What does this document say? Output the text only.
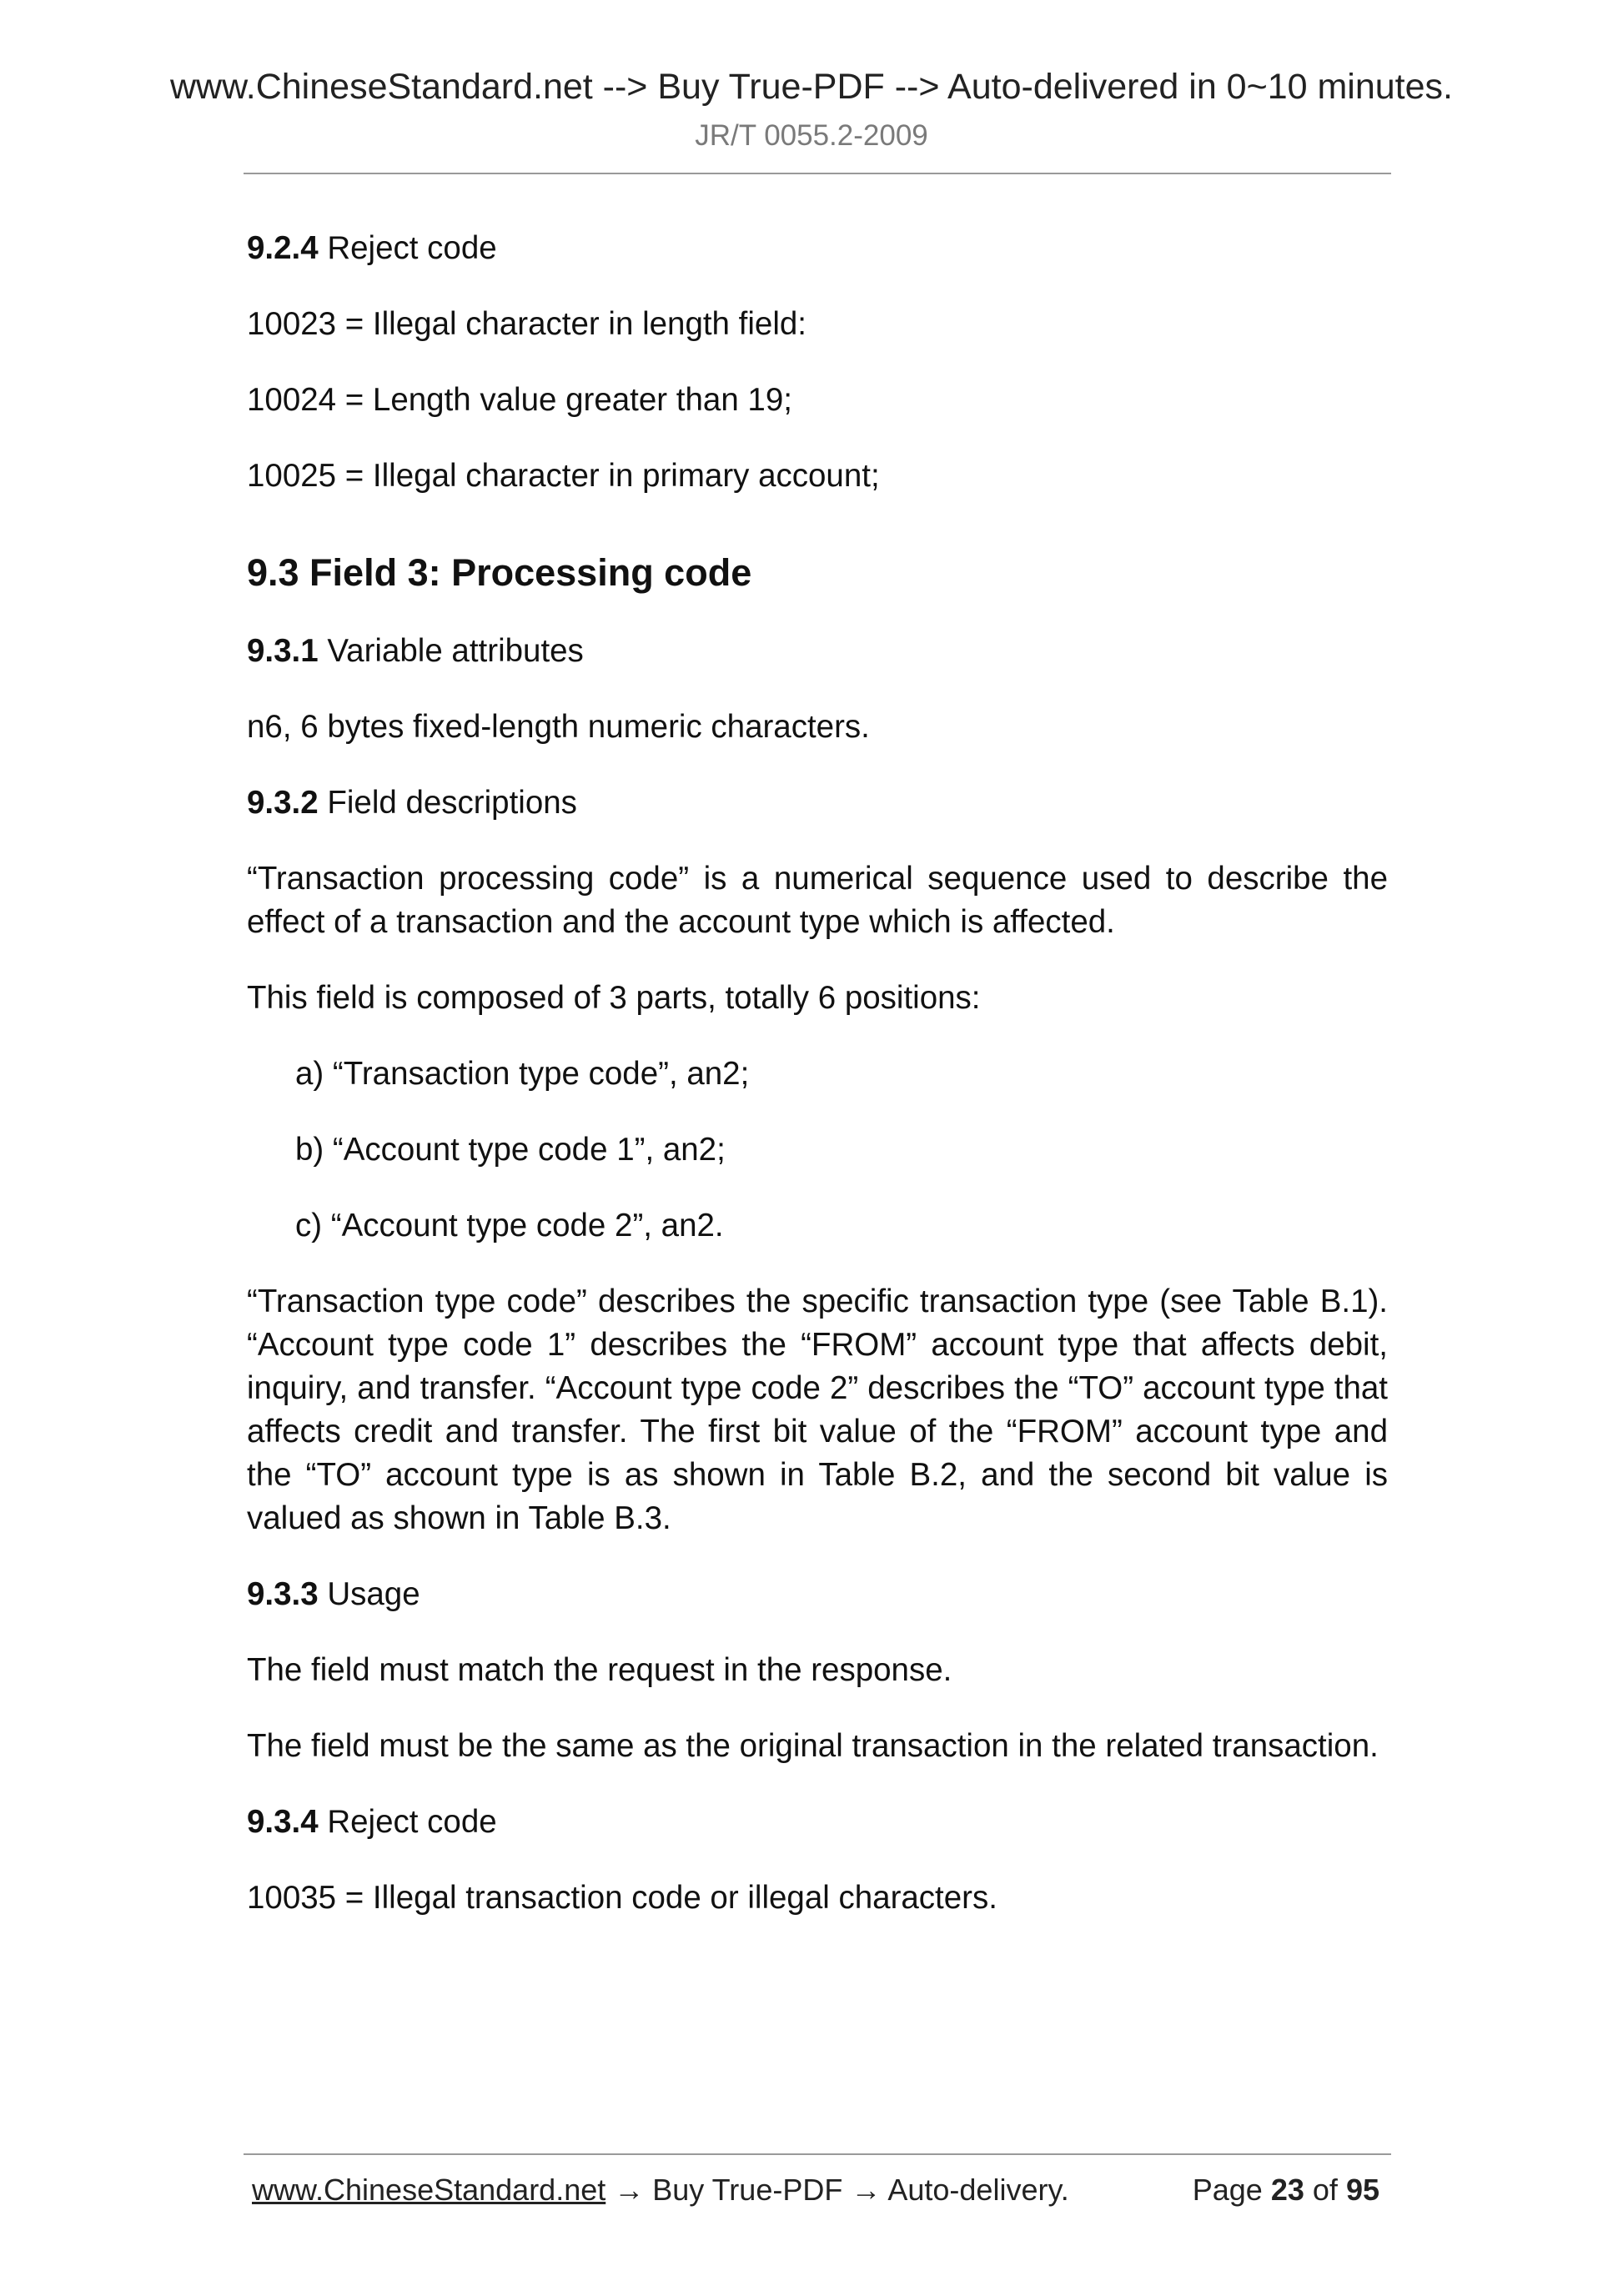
www.ChineseStandard.net --> Buy True-PDF --> Auto-delivered in 0~10 minutes.
JR/T 0055.2-2009

9.2.4 Reject code

10023 = Illegal character in length field:

10024 = Length value greater than 19;

10025 = Illegal character in primary account;

9.3 Field 3: Processing code

9.3.1 Variable attributes

n6, 6 bytes fixed-length numeric characters.

9.3.2 Field descriptions

“Transaction processing code” is a numerical sequence used to describe the effect of a transaction and the account type which is affected.

This field is composed of 3 parts, totally 6 positions:

a) “Transaction type code”, an2;

b) “Account type code 1”, an2;

c) “Account type code 2”, an2.

“Transaction type code” describes the specific transaction type (see Table B.1). “Account type code 1” describes the “FROM” account type that affects debit, inquiry, and transfer. “Account type code 2” describes the “TO” account type that affects credit and transfer. The first bit value of the “FROM” account type and the “TO” account type is as shown in Table B.2, and the second bit value is valued as shown in Table B.3.

9.3.3 Usage

The field must match the request in the response.

The field must be the same as the original transaction in the related transaction.

9.3.4 Reject code

10035 = Illegal transaction code or illegal characters.

www.ChineseStandard.net → Buy True-PDF → Auto-delivery.	Page 23 of 95
